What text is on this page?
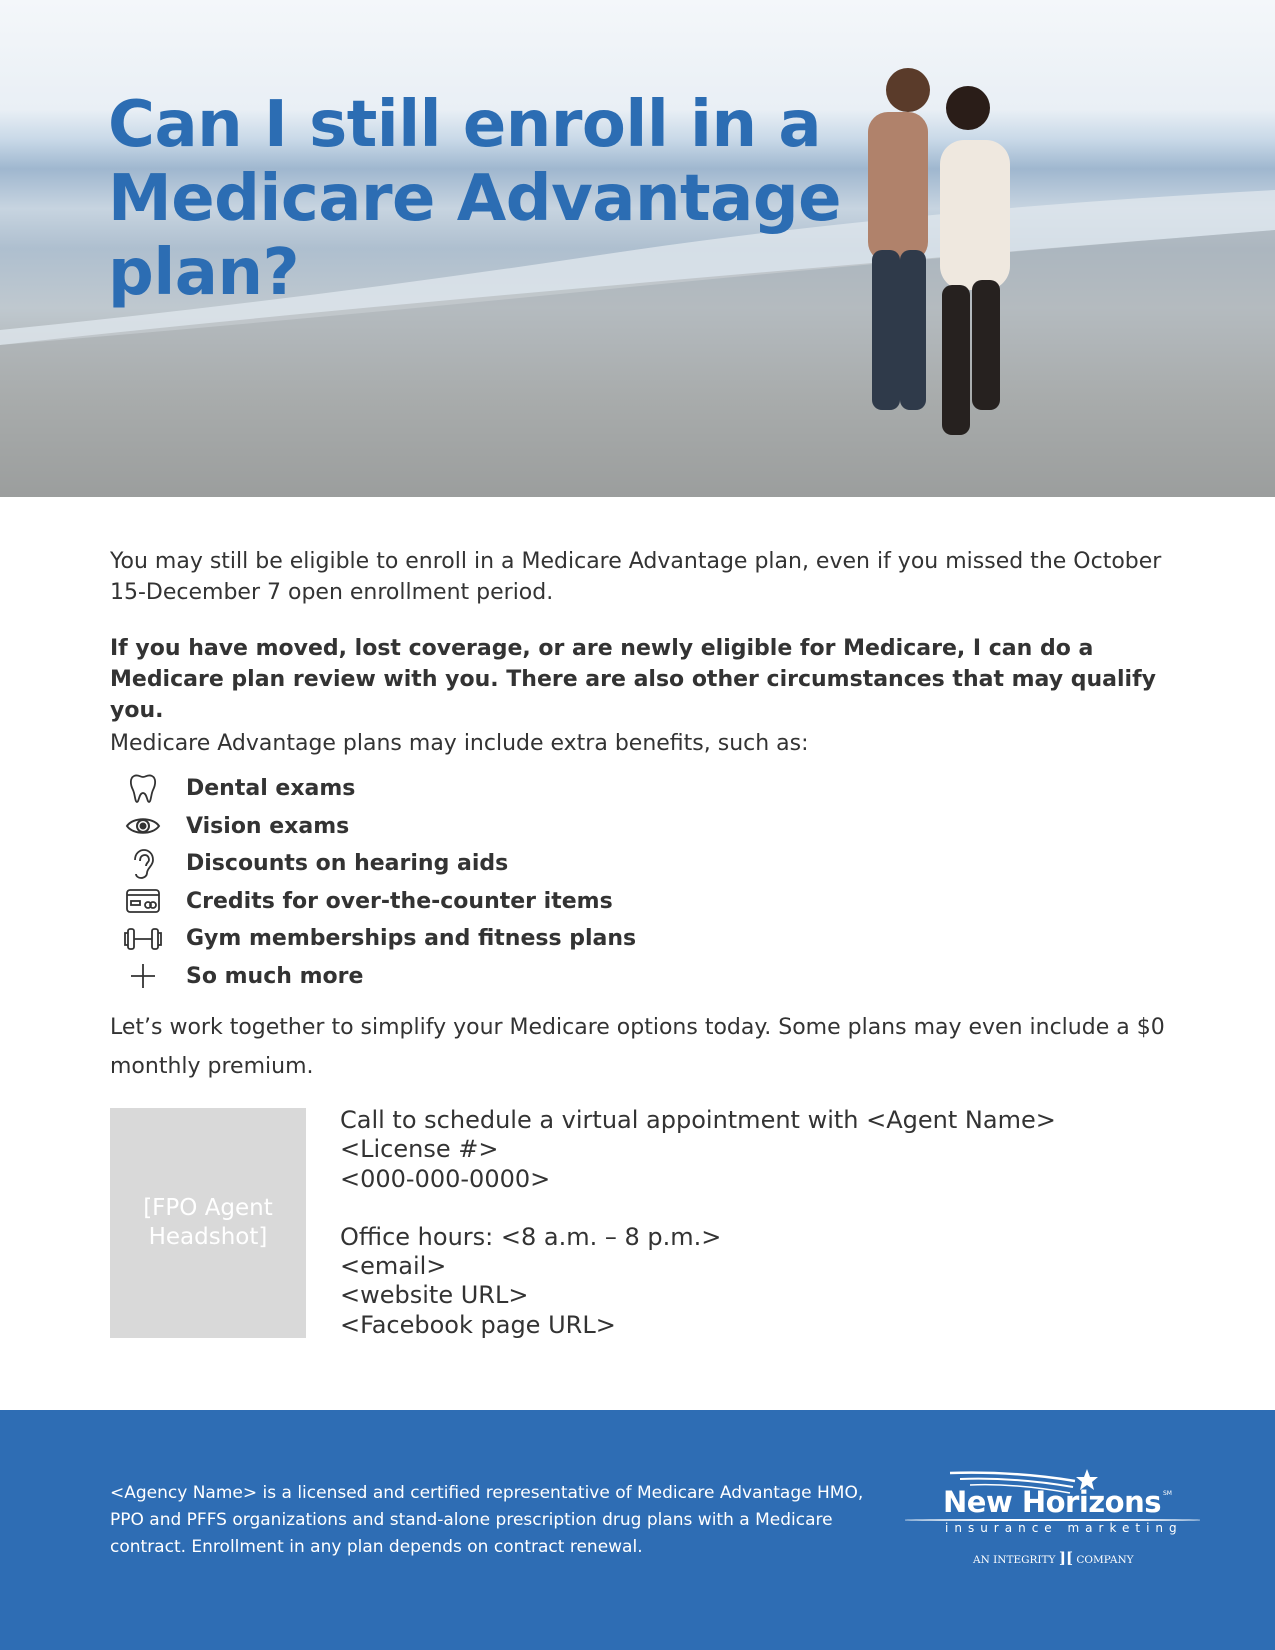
Can I still enroll in a
Medicare Advantage
plan?

You may still be eligible to enroll in a Medicare Advantage plan, even if you missed the October 15-December 7 open enrollment period.

If you have moved, lost coverage, or are newly eligible for Medicare, I can do a Medicare plan review with you. There are also other circumstances that may qualify you.

Medicare Advantage plans may include extra benefits, such as:

Dental exams
Vision exams
Discounts on hearing aids
Credits for over-the-counter items
Gym memberships and fitness plans
So much more

Let’s work together to simplify your Medicare options today. Some plans may even include a $0 monthly premium.

[FPO Agent Headshot]
Call to schedule a virtual appointment with <Agent Name>
<License #>
<000-000-0000>
Office hours: <8 a.m. – 8 p.m.>
<email>
<website URL>
<Facebook page URL>

<Agency Name> is a licensed and certified representative of Medicare Advantage HMO, PPO and PFFS organizations and stand-alone prescription drug plans with a Medicare contract. Enrollment in any plan depends on contract renewal.

New Horizons SM
insurance marketing
AN INTEGRITY ][ COMPANY
